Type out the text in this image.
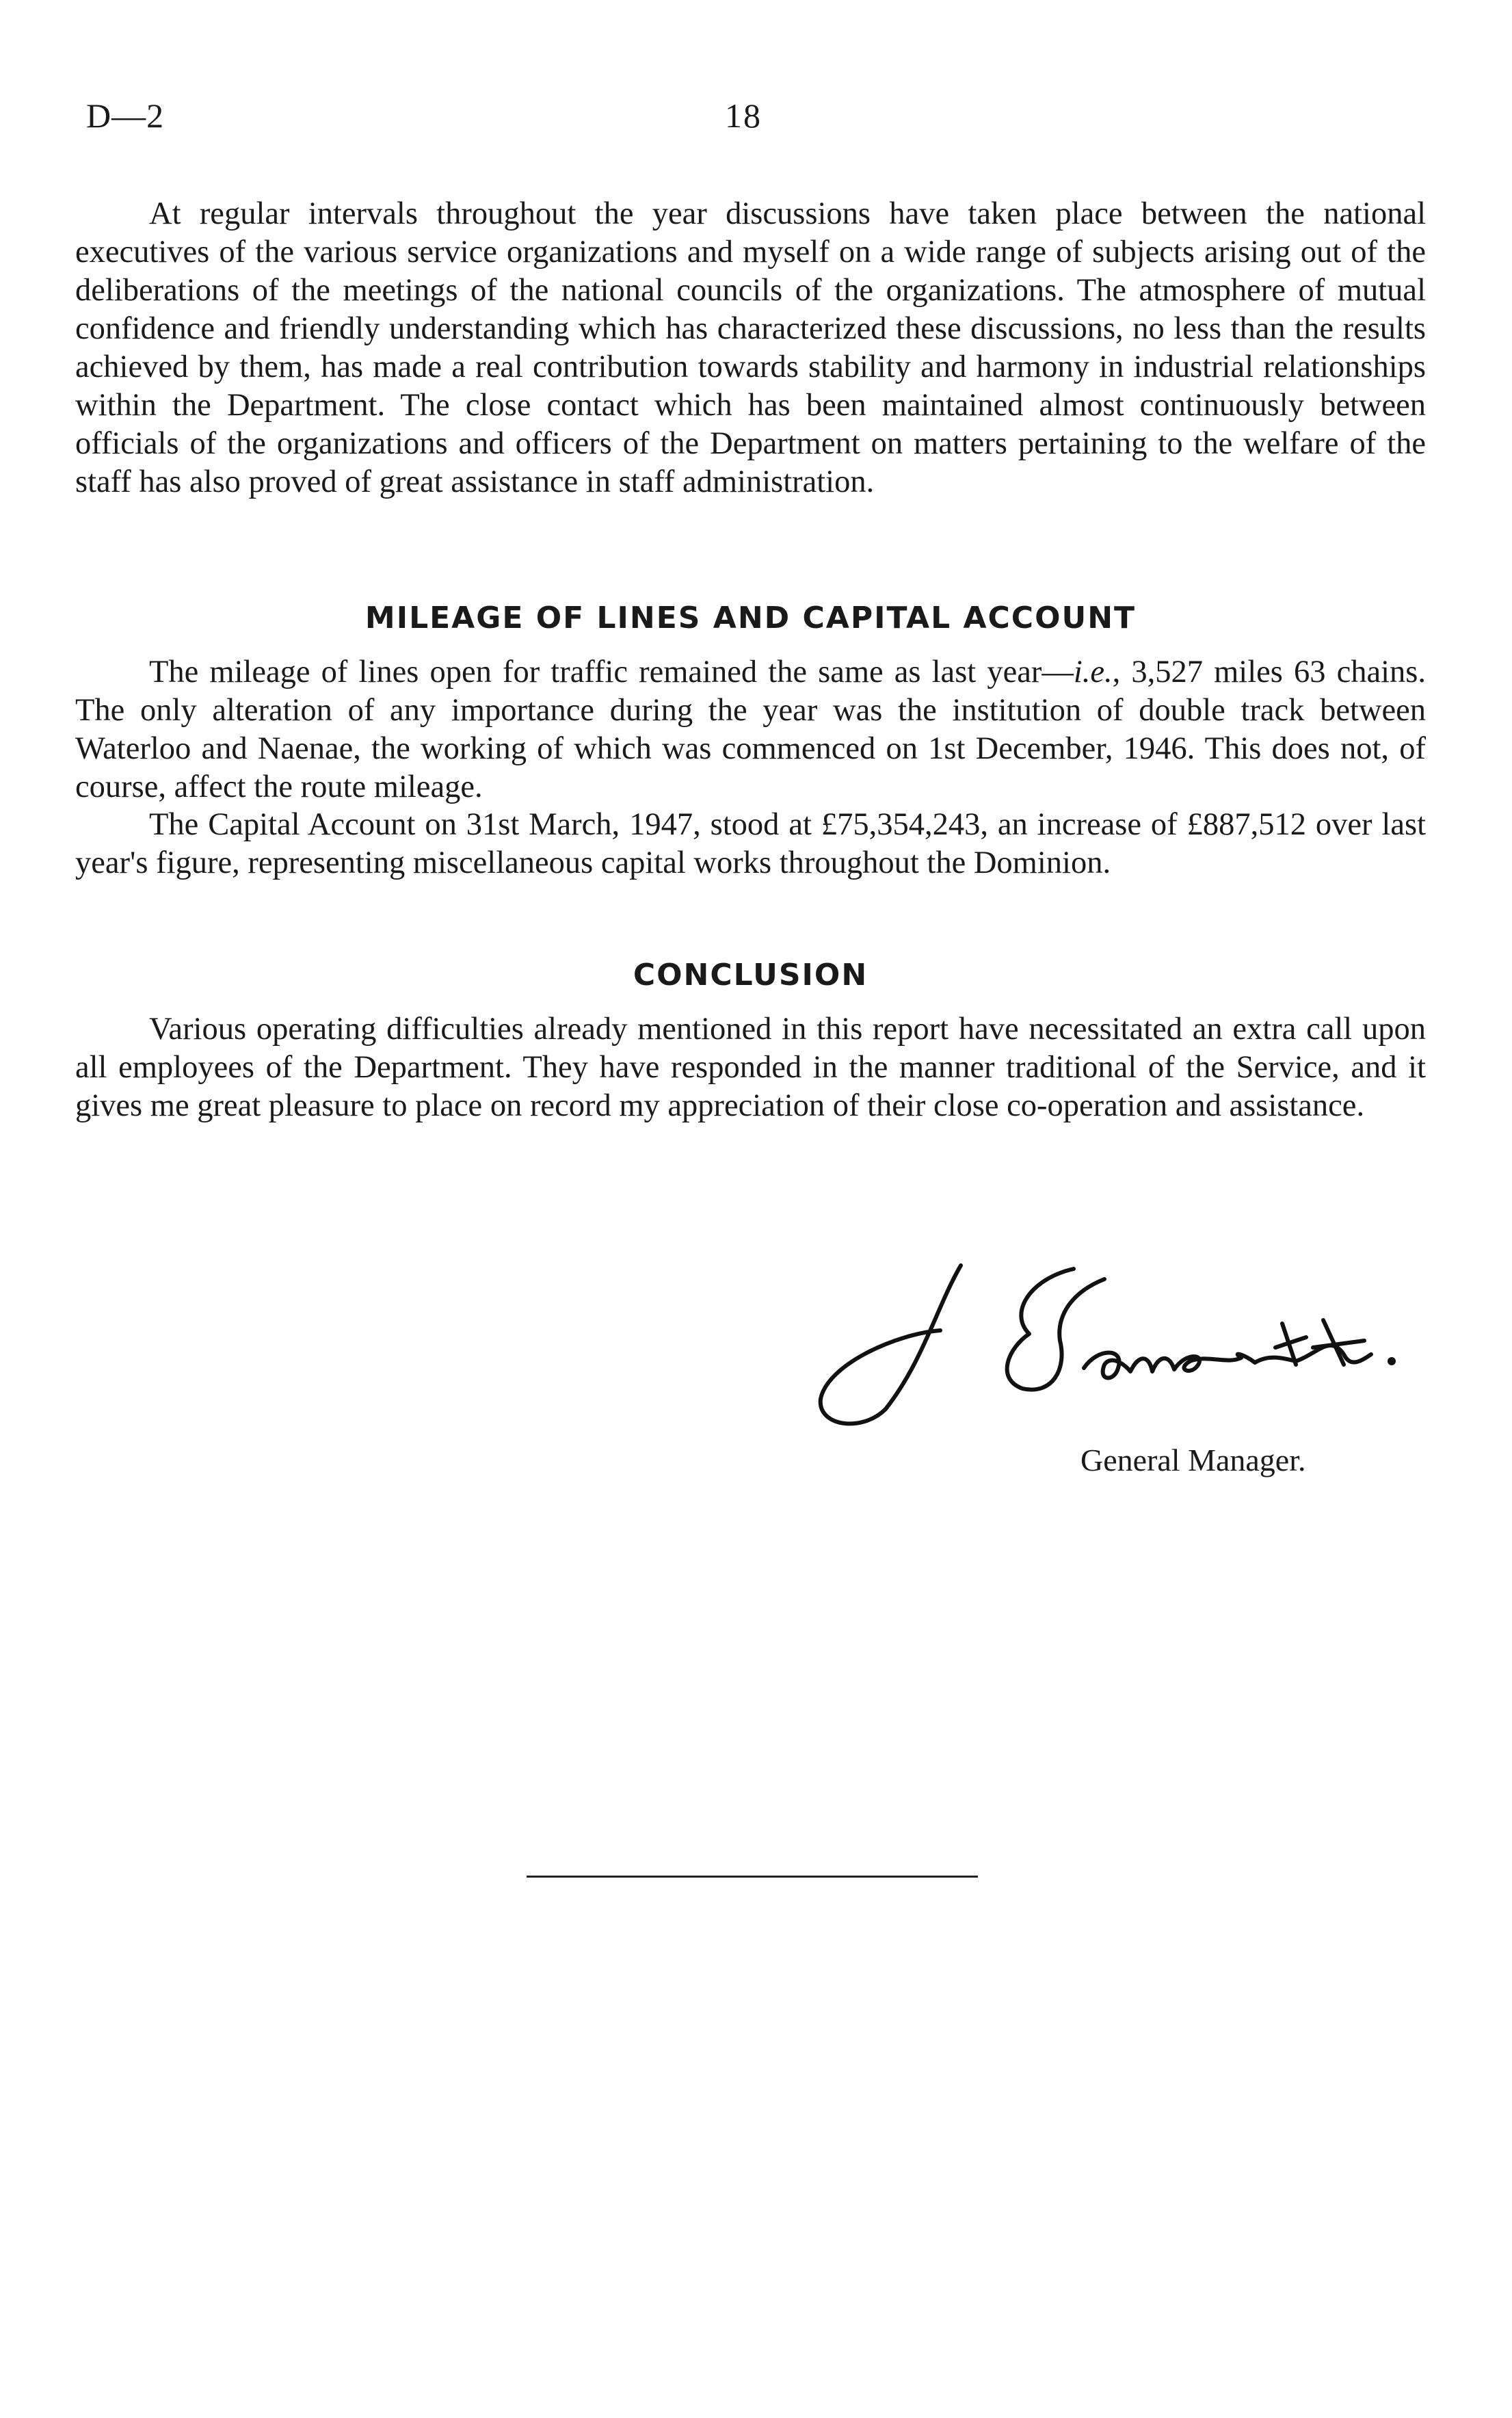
D—2	18

At regular intervals throughout the year discussions have taken place between the national executives of the various service organizations and myself on a wide range of subjects arising out of the deliberations of the meetings of the national councils of the organizations. The atmosphere of mutual confidence and friendly understanding which has characterized these discussions, no less than the results achieved by them, has made a real contribution towards stability and harmony in industrial relationships within the Department. The close contact which has been maintained almost continuously between officials of the organizations and officers of the Department on matters pertaining to the welfare of the staff has also proved of great assistance in staff administration.

MILEAGE OF LINES AND CAPITAL ACCOUNT

The mileage of lines open for traffic remained the same as last year—i.e., 3,527 miles 63 chains. The only alteration of any importance during the year was the institution of double track between Waterloo and Naenae, the working of which was commenced on 1st December, 1946. This does not, of course, affect the route mileage.

The Capital Account on 31st March, 1947, stood at £75,354,243, an increase of £887,512 over last year's figure, representing miscellaneous capital works throughout the Dominion.

CONCLUSION

Various operating difficulties already mentioned in this report have necessitated an extra call upon all employees of the Department. They have responded in the manner traditional of the Service, and it gives me great pleasure to place on record my appreciation of their close co-operation and assistance.

General Manager.
